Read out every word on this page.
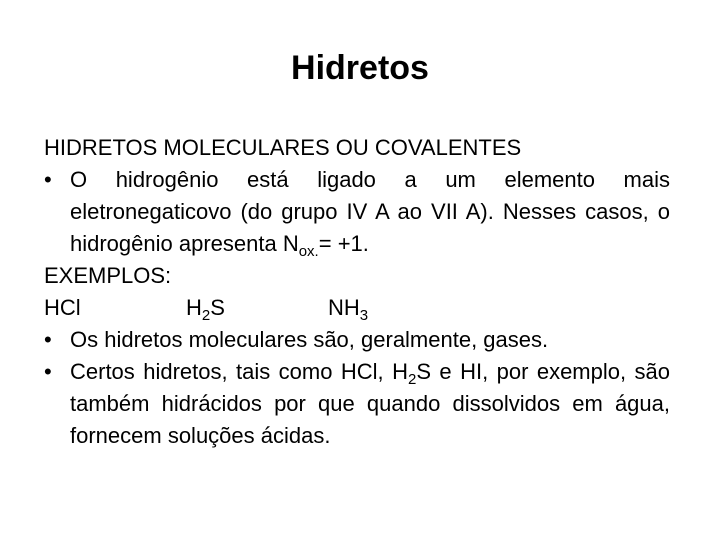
Hidretos
HIDRETOS MOLECULARES OU COVALENTES
• O hidrogênio está ligado a um elemento mais eletronegaticovo (do grupo IV A ao VII A). Nesses casos, o hidrogênio apresenta $N_{ox.}= +1$.
EXEMPLOS:
HCl	$H_2S$	$NH_3$
• Os hidretos moleculares são, geralmente, gases.
• Certos hidretos, tais como HCl, $H_2S$ e HI, por exemplo, são também hidrácidos por que quando dissolvidos em água, fornecem soluções ácidas.
